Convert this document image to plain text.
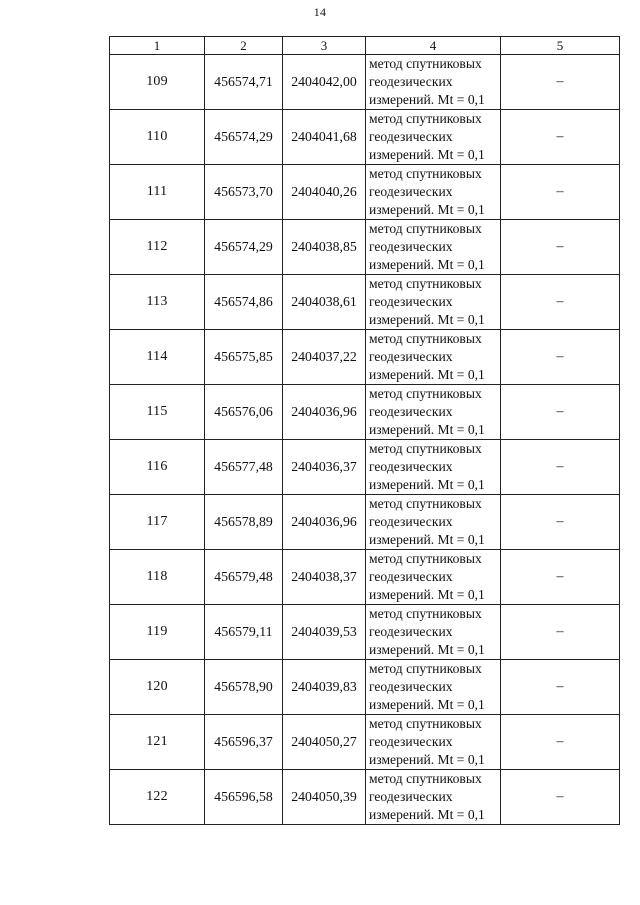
14
1	2	3	4	5
109	456574,71	2404042,00	метод спутниковых
геодезических
измерений. Mt = 0,1	–
110	456574,29	2404041,68	метод спутниковых
геодезических
измерений. Mt = 0,1	–
111	456573,70	2404040,26	метод спутниковых
геодезических
измерений. Mt = 0,1	–
112	456574,29	2404038,85	метод спутниковых
геодезических
измерений. Mt = 0,1	–
113	456574,86	2404038,61	метод спутниковых
геодезических
измерений. Mt = 0,1	–
114	456575,85	2404037,22	метод спутниковых
геодезических
измерений. Mt = 0,1	–
115	456576,06	2404036,96	метод спутниковых
геодезических
измерений. Mt = 0,1	–
116	456577,48	2404036,37	метод спутниковых
геодезических
измерений. Mt = 0,1	–
117	456578,89	2404036,96	метод спутниковых
геодезических
измерений. Mt = 0,1	–
118	456579,48	2404038,37	метод спутниковых
геодезических
измерений. Mt = 0,1	–
119	456579,11	2404039,53	метод спутниковых
геодезических
измерений. Mt = 0,1	–
120	456578,90	2404039,83	метод спутниковых
геодезических
измерений. Mt = 0,1	–
121	456596,37	2404050,27	метод спутниковых
геодезических
измерений. Mt = 0,1	–
122	456596,58	2404050,39	метод спутниковых
геодезических
измерений. Mt = 0,1	–
